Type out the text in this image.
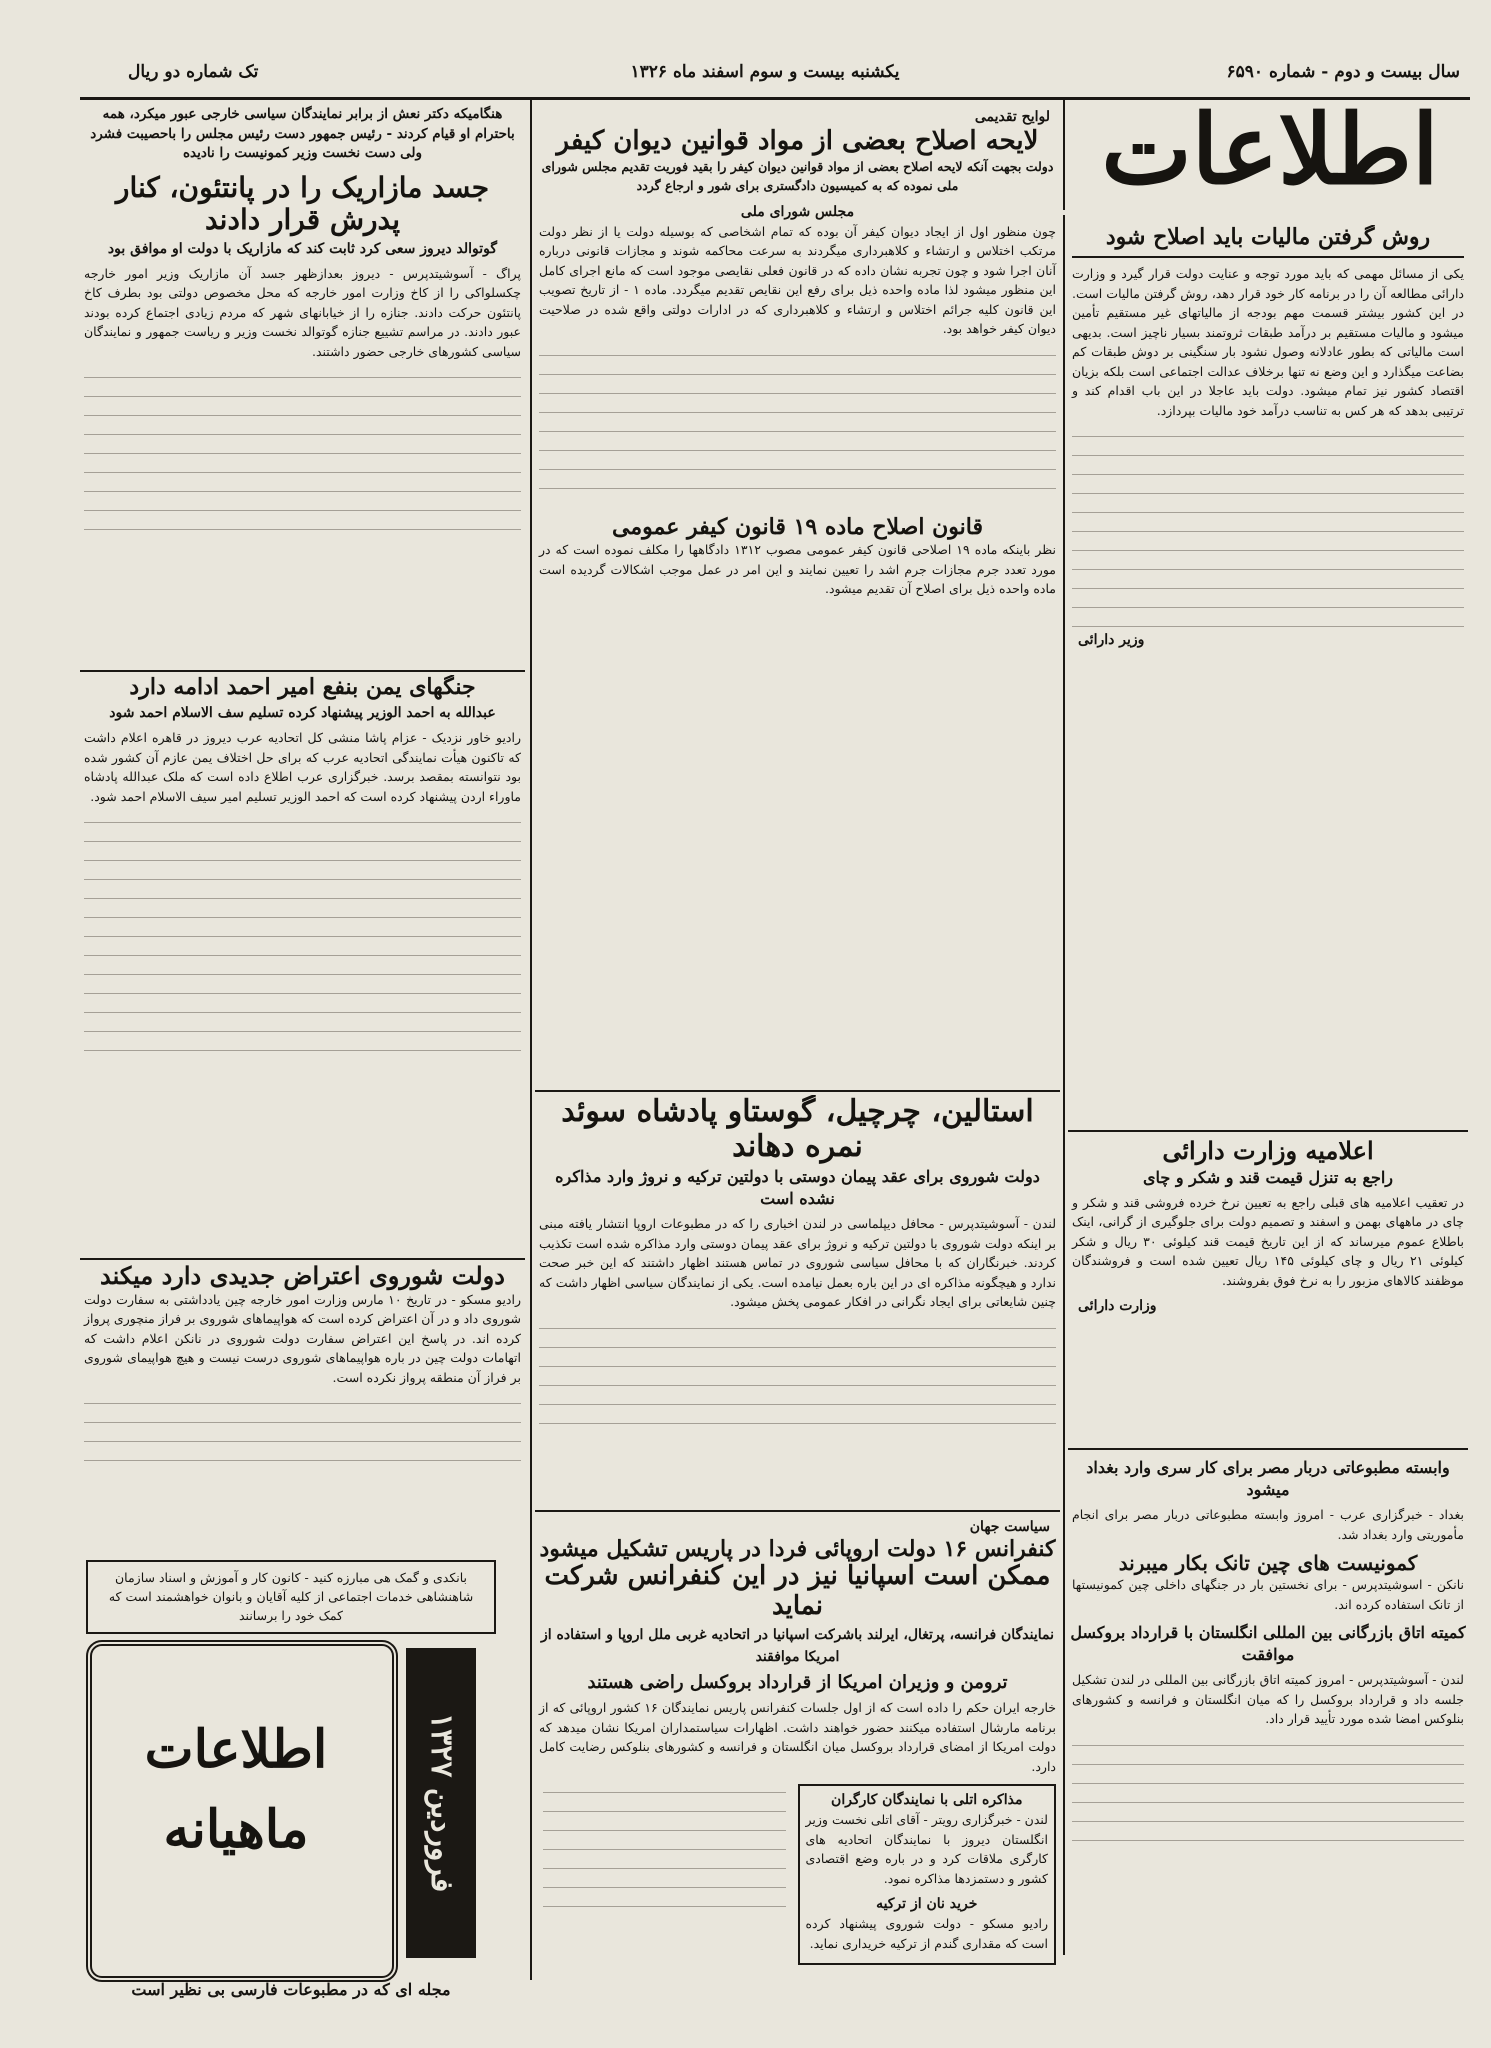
سال بیست و دوم - شماره ۶۵۹۰
یکشنبه بیست و سوم اسفند ماه ۱۳۲۶
تک شماره دو ریال
اطلاعات
روش گرفتن مالیات باید اصلاح شود

یکی از مسائل مهمی که باید مورد توجه و عنایت دولت قرار گیرد و وزارت دارائی مطالعه آن را در برنامه کار خود قرار دهد، روش گرفتن مالیات است. در این کشور بیشتر قسمت مهم بودجه از مالیاتهای غیر مستقیم تأمین میشود و مالیات مستقیم بر درآمد طبقات ثروتمند بسیار ناچیز است. بدیهی است مالیاتی که بطور عادلانه وصول نشود بار سنگینی بر دوش طبقات کم بضاعت میگذارد و این وضع نه تنها برخلاف عدالت اجتماعی است بلکه بزیان اقتصاد کشور نیز تمام میشود. دولت باید عاجلا در این باب اقدام کند و ترتیبی بدهد که هر کس به تناسب درآمد خود مالیات بپردازد.

وزیر دارائی
اعلامیه وزارت دارائی
راجع به تنزل قیمت قند و شکر و چای

در تعقیب اعلامیه های قبلی راجع به تعیین نرخ خرده فروشی قند و شکر و چای در ماههای بهمن و اسفند و تصمیم دولت برای جلوگیری از گرانی، اینک باطلاع عموم میرساند که از این تاریخ قیمت قند کیلوئی ۳۰ ریال و شکر کیلوئی ۲۱ ریال و چای کیلوئی ۱۴۵ ریال تعیین شده است و فروشندگان موظفند کالاهای مزبور را به نرخ فوق بفروشند.

وزارت دارائی
وابسته مطبوعاتی دربار مصر برای کار سری وارد بغداد میشود

بغداد - خبرگزاری عرب - امروز وابسته مطبوعاتی دربار مصر برای انجام مأموریتی وارد بغداد شد.

کمونیست های چین تانک بکار میبرند

نانکن - اسوشیتدپرس - برای نخستین بار در جنگهای داخلی چین کمونیستها از تانک استفاده کرده اند.

کمیته اتاق بازرگانی بین المللی انگلستان با قرارداد بروکسل موافقت

لندن - آسوشیتدپرس - امروز کمیته اتاق بازرگانی بین المللی در لندن تشکیل جلسه داد و قرارداد بروکسل را که میان انگلستان و فرانسه و کشورهای بنلوکس امضا شده مورد تأیید قرار داد.

لوایح تقدیمی
لایحه اصلاح بعضی از مواد قوانین دیوان کیفر

دولت بجهت آنکه لایحه اصلاح بعضی از مواد قوانین دیوان کیفر را بقید فوریت تقدیم مجلس شورای ملی نموده که به کمیسیون دادگستری برای شور و ارجاع گردد

مجلس شورای ملی

چون منظور اول از ایجاد دیوان کیفر آن بوده که تمام اشخاصی که بوسیله دولت یا از نظر دولت مرتکب اختلاس و ارتشاء و کلاهبرداری میگردند به سرعت محاکمه شوند و مجازات قانونی درباره آنان اجرا شود و چون تجربه نشان داده که در قانون فعلی نقایصی موجود است که مانع اجرای کامل این منظور میشود لذا ماده واحده ذیل برای رفع این نقایص تقدیم میگردد. ماده ۱ - از تاریخ تصویب این قانون کلیه جرائم اختلاس و ارتشاء و کلاهبرداری که در ادارات دولتی واقع شده در صلاحیت دیوان کیفر خواهد بود.

قانون اصلاح ماده ۱۹ قانون کیفر عمومی

نظر باینکه ماده ۱۹ اصلاحی قانون کیفر عمومی مصوب ۱۳۱۲ دادگاهها را مکلف نموده است که در مورد تعدد جرم مجازات جرم اشد را تعیین نمایند و این امر در عمل موجب اشکالات گردیده است ماده واحده ذیل برای اصلاح آن تقدیم میشود.

استالین، چرچیل، گوستاو پادشاه سوئد نمره دهاند
دولت شوروی برای عقد پیمان دوستی با دولتین ترکیه و نروژ وارد مذاکره نشده است

لندن - آسوشیتدپرس - محافل دیپلماسی در لندن اخباری را که در مطبوعات اروپا انتشار یافته مبنی بر اینکه دولت شوروی با دولتین ترکیه و نروژ برای عقد پیمان دوستی وارد مذاکره شده است تکذیب کردند. خبرنگاران که با محافل سیاسی شوروی در تماس هستند اظهار داشتند که این خبر صحت ندارد و هیچگونه مذاکره ای در این باره بعمل نیامده است. یکی از نمایندگان سیاسی اظهار داشت که چنین شایعاتی برای ایجاد نگرانی در افکار عمومی پخش میشود.

سیاست جهان
کنفرانس ۱۶ دولت اروپائی فردا در پاریس تشکیل میشود
ممکن است اسپانیا نیز در این کنفرانس شرکت نماید
نمایندگان فرانسه، پرتغال، ایرلند باشرکت اسپانیا در اتحادیه غربی ملل اروپا و استفاده از امریکا موافقند
ترومن و وزیران امریکا از قرارداد بروکسل راضی هستند

خارجه ایران حکم را داده است که از اول جلسات کنفرانس پاریس نمایندگان ۱۶ کشور اروپائی که از برنامه مارشال استفاده میکنند حضور خواهند داشت. اظهارات سیاستمداران امریکا نشان میدهد که دولت امریکا از امضای قرارداد بروکسل میان انگلستان و فرانسه و کشورهای بنلوکس رضایت کامل دارد.

مذاکره اتلی با نمایندگان کارگران

لندن - خبرگزاری رویتر - آقای اتلی نخست وزیر انگلستان دیروز با نمایندگان اتحادیه های کارگری ملاقات کرد و در باره وضع اقتصادی کشور و دستمزدها مذاکره نمود.

خرید نان از ترکیه

رادیو مسکو - دولت شوروی پیشنهاد کرده است که مقداری گندم از ترکیه خریداری نماید.

هنگامیکه دکتر نعش از برابر نمایندگان سیاسی خارجی عبور میکرد، همه باحترام او قیام کردند - رئیس جمهور دست رئیس مجلس را باحصیبت فشرد ولی دست نخست وزیر کمونیست را نادیده

جسد مازاریک را در پانتئون، کنار پدرش قرار دادند
گوتوالد دیروز سعی کرد ثابت کند که مازاریک با دولت او موافق بود

پراگ - آسوشیتدپرس - دیروز بعدازظهر جسد آن مازاریک وزیر امور خارجه چکسلواکی را از کاخ وزارت امور خارجه که محل مخصوص دولتی بود بطرف کاخ پانتئون حرکت دادند. جنازه را از خیابانهای شهر که مردم زیادی اجتماع کرده بودند عبور دادند. در مراسم تشییع جنازه گوتوالد نخست وزیر و ریاست جمهور و نمایندگان سیاسی کشورهای خارجی حضور داشتند.

جنگهای یمن بنفع امیر احمد ادامه دارد
عبدالله به احمد الوزیر پیشنهاد کرده تسلیم سف الاسلام احمد شود

رادیو خاور نزدیک - عزام پاشا منشی کل اتحادیه عرب دیروز در قاهره اعلام داشت که تاکنون هیأت نمایندگی اتحادیه عرب که برای حل اختلاف یمن عازم آن کشور شده بود نتوانسته بمقصد برسد. خبرگزاری عرب اطلاع داده است که ملک عبدالله پادشاه ماوراء اردن پیشنهاد کرده است که احمد الوزیر تسلیم امیر سیف الاسلام احمد شود.

دولت شوروی اعتراض جدیدی دارد میکند

رادیو مسکو - در تاریخ ۱۰ مارس وزارت امور خارجه چین یادداشتی به سفارت دولت شوروی داد و در آن اعتراض کرده است که هواپیماهای شوروی بر فراز منچوری پرواز کرده اند. در پاسخ این اعتراض سفارت دولت شوروی در نانکن اعلام داشت که اتهامات دولت چین در باره هواپیماهای شوروی درست نیست و هیچ هواپیمای شوروی بر فراز آن منطقه پرواز نکرده است.

بانکدی و گمک هی مبارزه کنید - کانون کار و آموزش و اسناد سازمان شاهنشاهی خدمات اجتماعی از کلیه آقایان و بانوان خواهشمند است که کمک خود را برسانند
اطلاعات ماهیانه
فروردین ۱۳۲۷
مجله ای که در مطبوعات فارسی بی نظیر است
